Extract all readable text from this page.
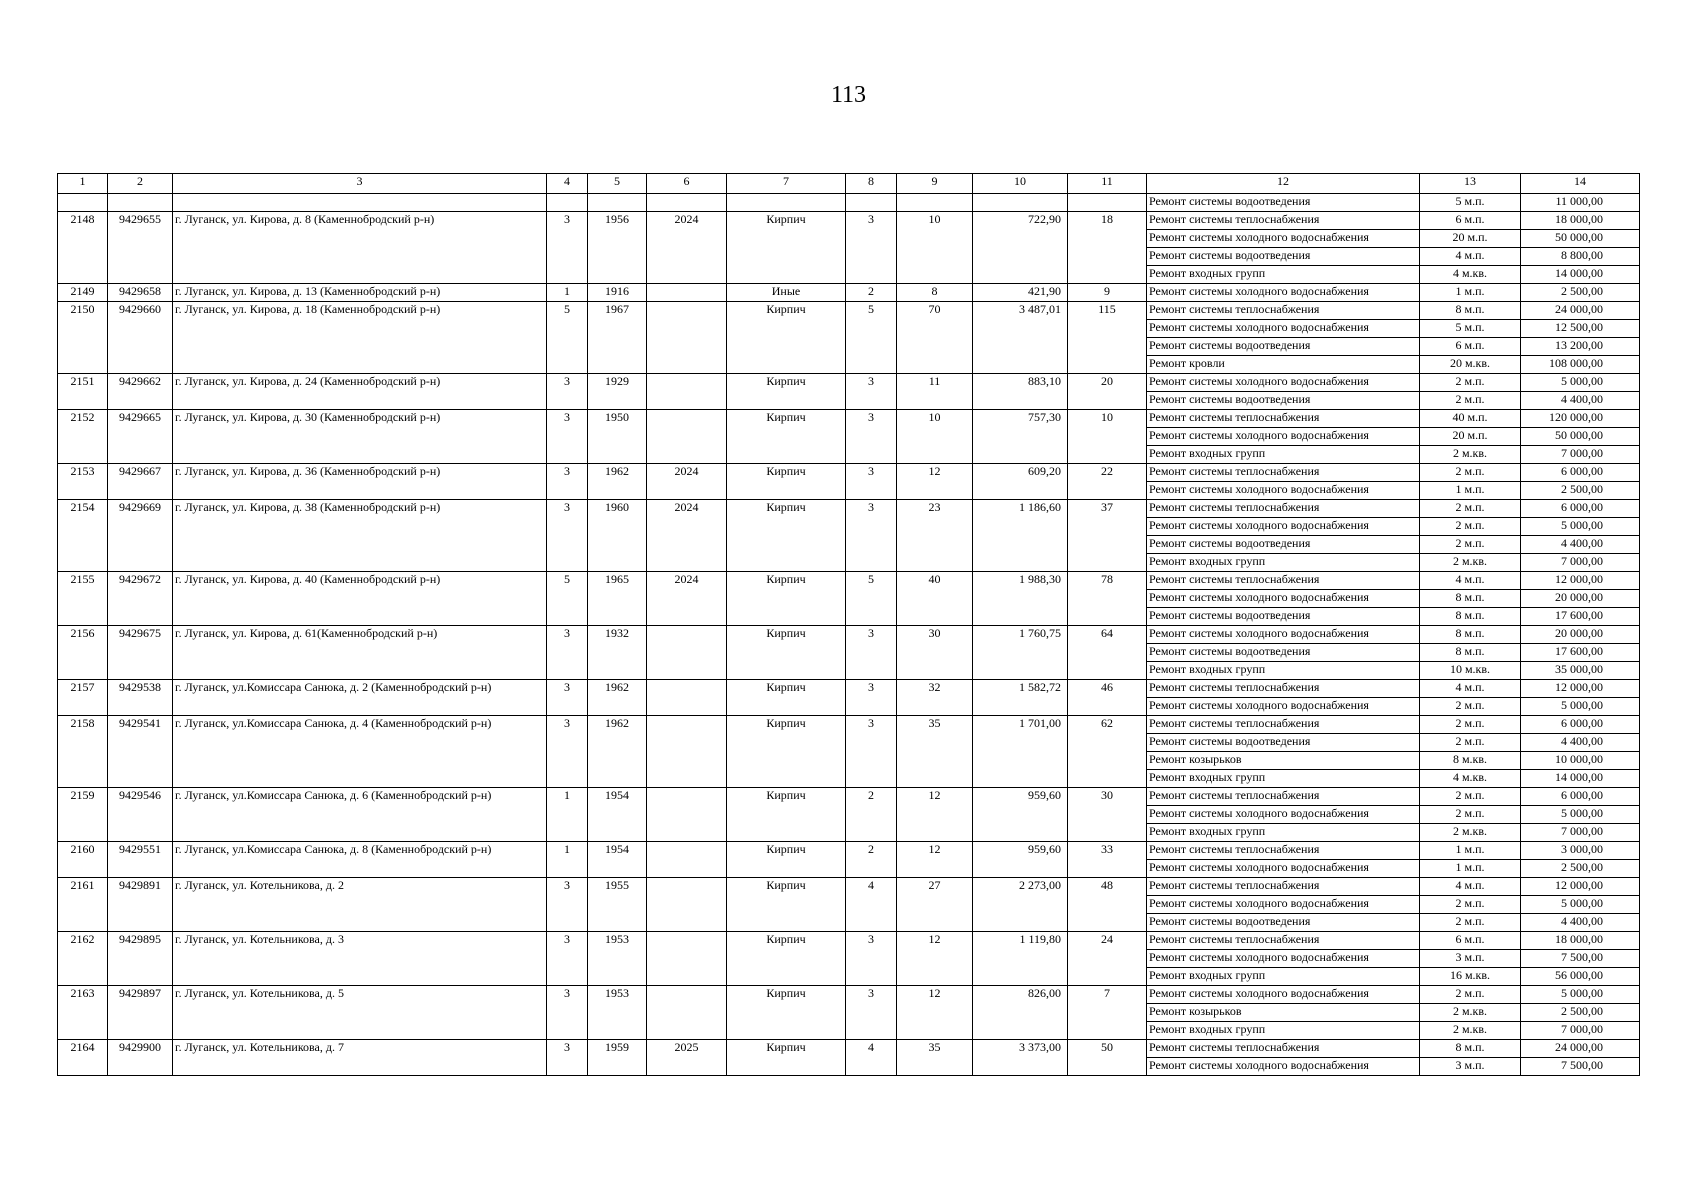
113
1	2	3	4	5	6	7	8	9	10	11	12	13	14
											Ремонт системы водоотведения	5 м.п.	11 000,00
2148	9429655	г. Луганск, ул. Кирова, д. 8 (Каменнобродский р-н)	3	1956	2024	Кирпич	3	10	722,90	18	Ремонт системы теплоснабжения	6 м.п.	18 000,00
											Ремонт системы холодного водоснабжения	20 м.п.	50 000,00
											Ремонт системы водоотведения	4 м.п.	8 800,00
											Ремонт входных групп	4 м.кв.	14 000,00
2149	9429658	г. Луганск, ул. Кирова, д. 13 (Каменнобродский р-н)	1	1916		Иные	2	8	421,90	9	Ремонт системы холодного водоснабжения	1 м.п.	2 500,00
2150	9429660	г. Луганск, ул. Кирова, д. 18 (Каменнобродский р-н)	5	1967		Кирпич	5	70	3 487,01	115	Ремонт системы теплоснабжения	8 м.п.	24 000,00
											Ремонт системы холодного водоснабжения	5 м.п.	12 500,00
											Ремонт системы водоотведения	6 м.п.	13 200,00
											Ремонт кровли	20 м.кв.	108 000,00
2151	9429662	г. Луганск, ул. Кирова, д. 24 (Каменнобродский р-н)	3	1929		Кирпич	3	11	883,10	20	Ремонт системы холодного водоснабжения	2 м.п.	5 000,00
											Ремонт системы водоотведения	2 м.п.	4 400,00
2152	9429665	г. Луганск, ул. Кирова, д. 30 (Каменнобродский р-н)	3	1950		Кирпич	3	10	757,30	10	Ремонт системы теплоснабжения	40 м.п.	120 000,00
											Ремонт системы холодного водоснабжения	20 м.п.	50 000,00
											Ремонт входных групп	2 м.кв.	7 000,00
2153	9429667	г. Луганск, ул. Кирова, д. 36 (Каменнобродский р-н)	3	1962	2024	Кирпич	3	12	609,20	22	Ремонт системы теплоснабжения	2 м.п.	6 000,00
											Ремонт системы холодного водоснабжения	1 м.п.	2 500,00
2154	9429669	г. Луганск, ул. Кирова, д. 38 (Каменнобродский р-н)	3	1960	2024	Кирпич	3	23	1 186,60	37	Ремонт системы теплоснабжения	2 м.п.	6 000,00
											Ремонт системы холодного водоснабжения	2 м.п.	5 000,00
											Ремонт системы водоотведения	2 м.п.	4 400,00
											Ремонт входных групп	2 м.кв.	7 000,00
2155	9429672	г. Луганск, ул. Кирова, д. 40 (Каменнобродский р-н)	5	1965	2024	Кирпич	5	40	1 988,30	78	Ремонт системы теплоснабжения	4 м.п.	12 000,00
											Ремонт системы холодного водоснабжения	8 м.п.	20 000,00
											Ремонт системы водоотведения	8 м.п.	17 600,00
2156	9429675	г. Луганск, ул. Кирова, д. 61(Каменнобродский р-н)	3	1932		Кирпич	3	30	1 760,75	64	Ремонт системы холодного водоснабжения	8 м.п.	20 000,00
											Ремонт системы водоотведения	8 м.п.	17 600,00
											Ремонт входных групп	10 м.кв.	35 000,00
2157	9429538	г. Луганск, ул.Комиссара Санюка, д. 2 (Каменнобродский р-н)	3	1962		Кирпич	3	32	1 582,72	46	Ремонт системы теплоснабжения	4 м.п.	12 000,00
											Ремонт системы холодного водоснабжения	2 м.п.	5 000,00
2158	9429541	г. Луганск, ул.Комиссара Санюка, д. 4 (Каменнобродский р-н)	3	1962		Кирпич	3	35	1 701,00	62	Ремонт системы теплоснабжения	2 м.п.	6 000,00
											Ремонт системы водоотведения	2 м.п.	4 400,00
											Ремонт козырьков	8 м.кв.	10 000,00
											Ремонт входных групп	4 м.кв.	14 000,00
2159	9429546	г. Луганск, ул.Комиссара Санюка, д. 6 (Каменнобродский р-н)	1	1954		Кирпич	2	12	959,60	30	Ремонт системы теплоснабжения	2 м.п.	6 000,00
											Ремонт системы холодного водоснабжения	2 м.п.	5 000,00
											Ремонт входных групп	2 м.кв.	7 000,00
2160	9429551	г. Луганск, ул.Комиссара Санюка, д. 8 (Каменнобродский р-н)	1	1954		Кирпич	2	12	959,60	33	Ремонт системы теплоснабжения	1 м.п.	3 000,00
											Ремонт системы холодного водоснабжения	1 м.п.	2 500,00
2161	9429891	г. Луганск, ул. Котельникова, д. 2	3	1955		Кирпич	4	27	2 273,00	48	Ремонт системы теплоснабжения	4 м.п.	12 000,00
											Ремонт системы холодного водоснабжения	2 м.п.	5 000,00
											Ремонт системы водоотведения	2 м.п.	4 400,00
2162	9429895	г. Луганск, ул. Котельникова, д. 3	3	1953		Кирпич	3	12	1 119,80	24	Ремонт системы теплоснабжения	6 м.п.	18 000,00
											Ремонт системы холодного водоснабжения	3 м.п.	7 500,00
											Ремонт входных групп	16 м.кв.	56 000,00
2163	9429897	г. Луганск, ул. Котельникова, д. 5	3	1953		Кирпич	3	12	826,00	7	Ремонт системы холодного водоснабжения	2 м.п.	5 000,00
											Ремонт козырьков	2 м.кв.	2 500,00
											Ремонт входных групп	2 м.кв.	7 000,00
2164	9429900	г. Луганск, ул. Котельникова, д. 7	3	1959	2025	Кирпич	4	35	3 373,00	50	Ремонт системы теплоснабжения	8 м.п.	24 000,00
											Ремонт системы холодного водоснабжения	3 м.п.	7 500,00
